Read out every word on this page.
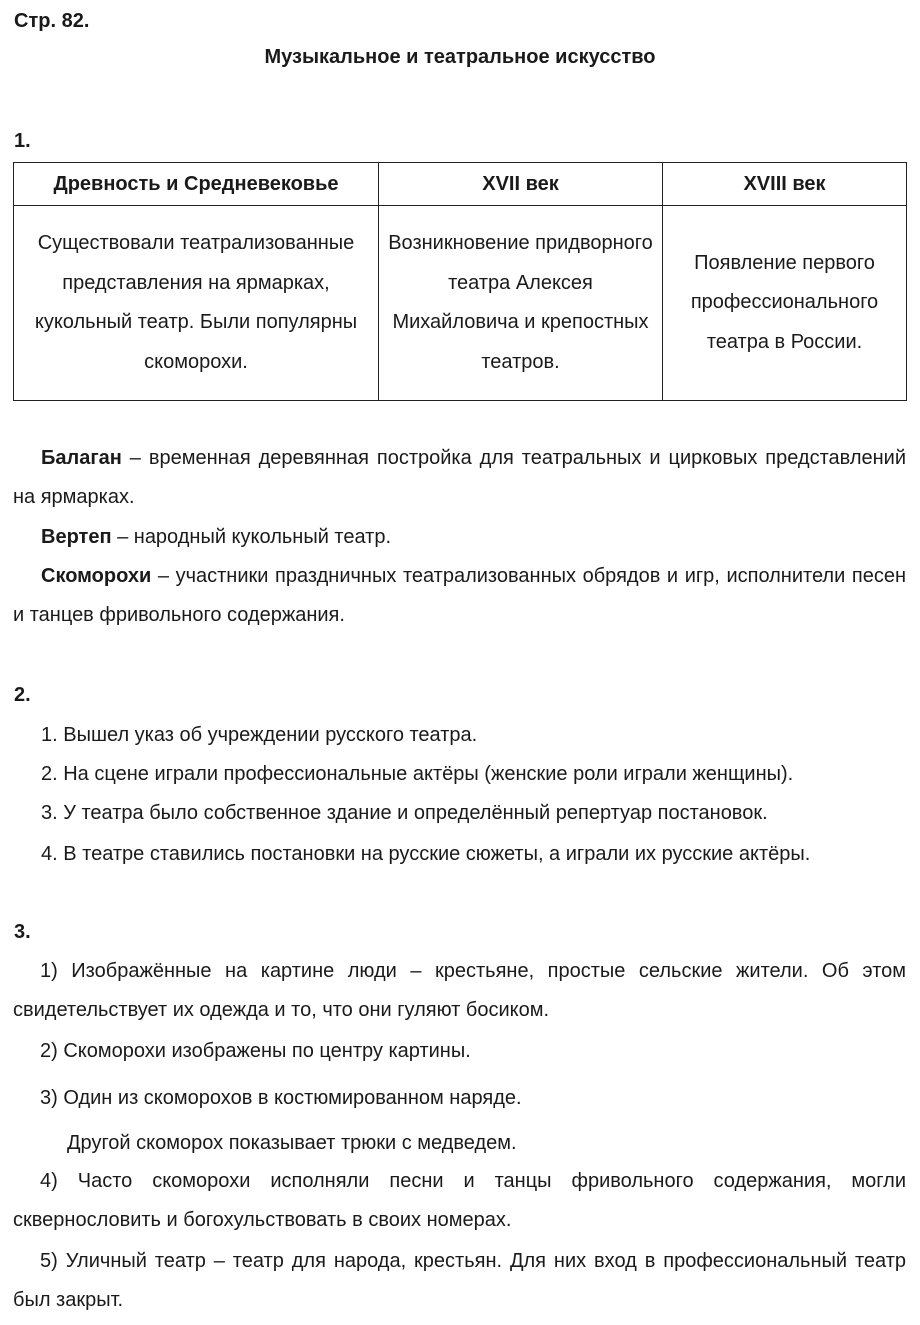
Стр. 82.
Музыкальное и театральное искусство
1.
Древность и Средневековье	XVII век	XVIII век
Существовали театрализованные представления на ярмарках, кукольный театр. Были популярны скоморохи.	Возникновение придворного театра Алексея Михайловича и крепостных театров.	Появление первого профессионального театра в России.
Балаган – временная деревянная постройка для театральных и цирковых представлений на ярмарках.
Вертеп – народный кукольный театр.
Скоморохи – участники праздничных театрализованных обрядов и игр, исполнители песен и танцев фривольного содержания.
2.
1. Вышел указ об учреждении русского театра.
2. На сцене играли профессиональные актёры (женские роли играли женщины).
3. У театра было собственное здание и определённый репертуар постановок.
4. В театре ставились постановки на русские сюжеты, а играли их русские актёры.
3.
1) Изображённые на картине люди – крестьяне, простые сельские жители. Об этом свидетельствует их одежда и то, что они гуляют босиком.
2) Скоморохи изображены по центру картины.
3) Один из скоморохов в костюмированном наряде.
Другой скоморох показывает трюки с медведем.
4) Часто скоморохи исполняли песни и танцы фривольного содержания, могли сквернословить и богохульствовать в своих номерах.
5) Уличный театр – театр для народа, крестьян. Для них вход в профессиональный театр был закрыт.
